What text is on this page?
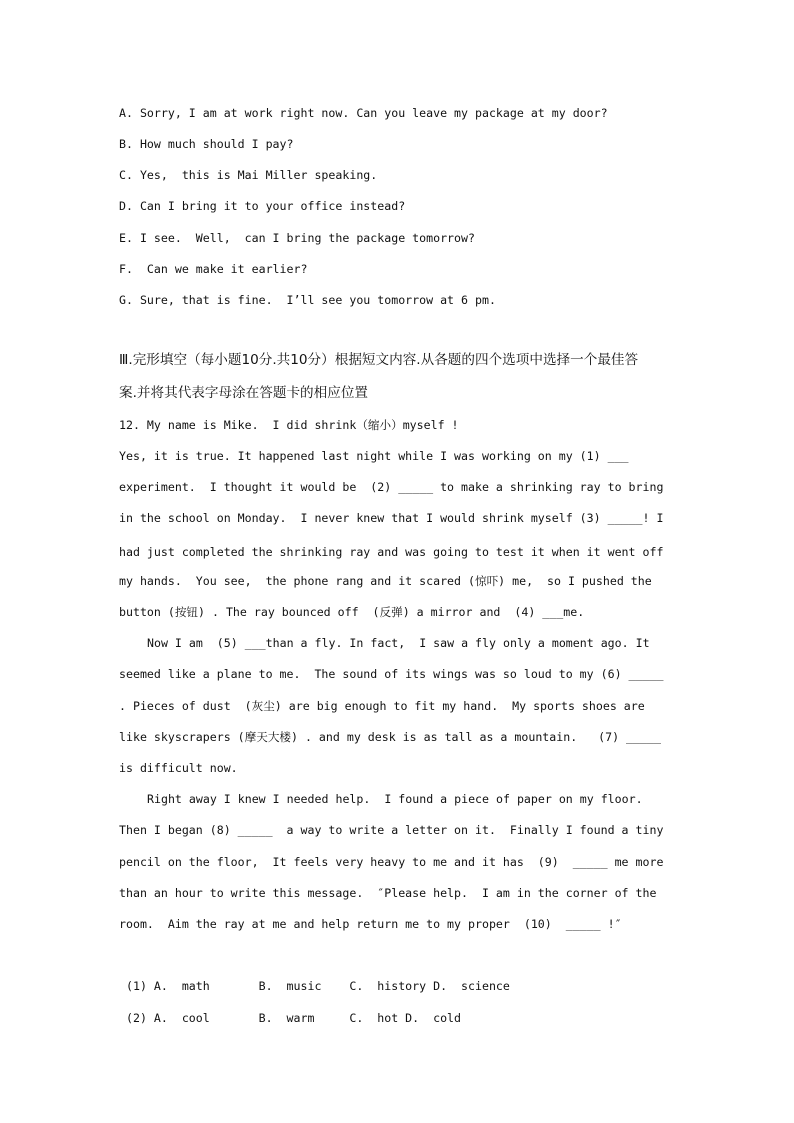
A. Sorry, I am at work right now. Can you leave my package at my door?
B. How much should I pay?
C. Yes,  this is Mai Miller speaking.
D. Can I bring it to your office instead?
E. I see.  Well,  can I bring the package tomorrow?
F.  Can we make it earlier?
G. Sure, that is fine.  I’ll see you tomorrow at 6 pm.
Ⅲ.完形填空（每小题10分.共10分）根据短文内容.从各题的四个选项中选择一个最佳答
案.并将其代表字母涂在答题卡的相应位置
12. My name is Mike.  I did shrink（缩小）myself !
Yes, it is true. It happened last night while I was working on my (1) ___
experiment.  I thought it would be  (2) _____ to make a shrinking ray to bring
in the school on Monday.  I never knew that I would shrink myself (3) _____! I
had just completed the shrinking ray and was going to test it when it went off
my hands.  You see,  the phone rang and it scared (惊吓) me,  so I pushed the
button (按钮) . The ray bounced off  (反弹) a mirror and  (4) ___me.
Now I am  (5) ___than a fly. In fact,  I saw a fly only a moment ago. It
seemed like a plane to me.  The sound of its wings was so loud to my (6) _____
. Pieces of dust  (灰尘) are big enough to fit my hand.  My sports shoes are
like skyscrapers (摩天大楼) . and my desk is as tall as a mountain.   (7) _____
is difficult now.
Right away I knew I needed help.  I found a piece of paper on my floor.
Then I began (8) _____  a way to write a letter on it.  Finally I found a tiny
pencil on the floor,  It feels very heavy to me and it has  (9)  _____ me more
than an hour to write this message.  ″Please help.  I am in the corner of the
room.  Aim the ray at me and help return me to my proper  (10)  _____ !″
(1) A.  math       B.  music    C.  history D.  science
(2) A.  cool       B.  warm     C.  hot D.  cold
